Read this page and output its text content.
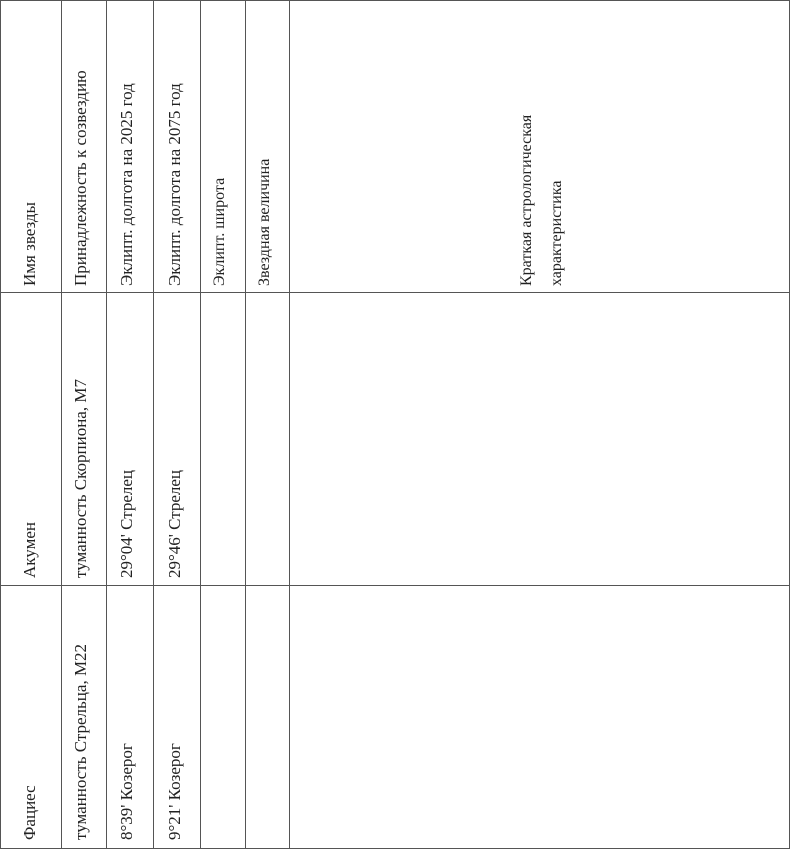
Имя звезды Принадлежность к созвездию Эклипт. долгота на 2025 год Эклипт. долгота на 2075 год Эклипт. широта Звездная величина	Краткая астрологическая характеристика
Акумен туманность Скорпиона, М7 29°04' Стрелец 29°46' Стрелец
Фациес туманность Стрельца, М22 8°39' Козерог 9°21' Козерог
